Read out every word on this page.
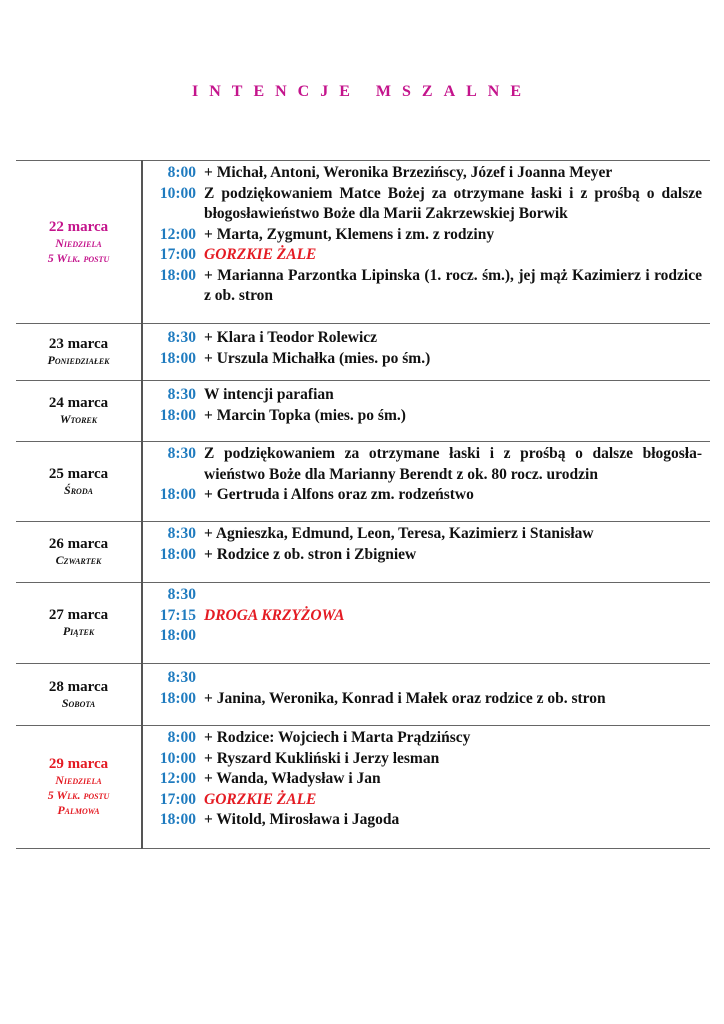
INTENCJE MSZALNE
22 marca
Niedziela
5 Wlk. postu
8:00 + Michał, Antoni, Weronika Brzezińscy, Józef i Joanna Meyer
10:00 Z podziękowaniem Matce Bożej za otrzymane łaski i z prośbą o dalsze błogosławieństwo Boże dla Marii Zakrzewskiej Borwik
12:00 + Marta, Zygmunt, Klemens i zm. z rodziny
17:00 GORZKIE ŻALE
18:00 + Marianna Parzontka Lipinska (1. rocz. śm.), jej mąż Kazimierz i rodzice z ob. stron
23 marca
Poniedziałek
8:30 + Klara i Teodor Rolewicz
18:00 + Urszula Michałka (mies. po śm.)
24 marca
Wtorek
8:30 W intencji parafian
18:00 + Marcin Topka (mies. po śm.)
25 marca
Środa
8:30 Z podziękowaniem za otrzymane łaski i z prośbą o dalsze błogosła-wieństwo Boże dla Marianny Berendt z ok. 80 rocz. urodzin
18:00 + Gertruda i Alfons oraz zm. rodzeństwo
26 marca
Czwartek
8:30 + Agnieszka, Edmund, Leon, Teresa, Kazimierz i Stanisław
18:00 + Rodzice z ob. stron i Zbigniew
27 marca
Piątek
8:30
17:15 DROGA KRZYŻOWA
18:00
28 marca
Sobota
8:30
18:00 + Janina, Weronika, Konrad i Małek oraz rodzice z ob. stron
29 marca
Niedziela
5 Wlk. postu
Palmowa
8:00 + Rodzice: Wojciech i Marta Prądzińscy
10:00 + Ryszard Kukliński i Jerzy lesman
12:00 + Wanda, Władysław i Jan
17:00 GORZKIE ŻALE
18:00 + Witold, Mirosława i Jagoda
